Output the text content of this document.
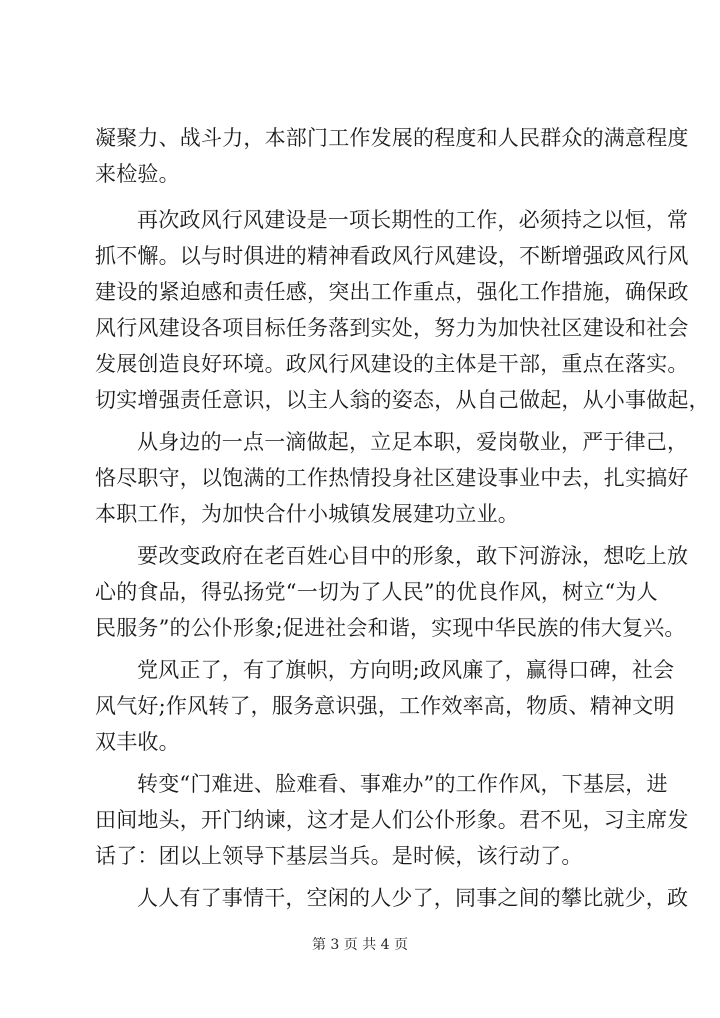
凝聚力、战斗力，本部门工作发展的程度和人民群众的满意程度
来检验。
再次政风行风建设是一项长期性的工作，必须持之以恒，常
抓不懈。以与时俱进的精神看政风行风建设，不断增强政风行风
建设的紧迫感和责任感，突出工作重点，强化工作措施，确保政
风行风建设各项目标任务落到实处，努力为加快社区建设和社会
发展创造良好环境。政风行风建设的主体是干部，重点在落实。
切实增强责任意识，以主人翁的姿态，从自己做起，从小事做起，
从身边的一点一滴做起，立足本职，爱岗敬业，严于律己，
恪尽职守，以饱满的工作热情投身社区建设事业中去，扎实搞好
本职工作，为加快合什小城镇发展建功立业。
要改变政府在老百姓心目中的形象，敢下河游泳，想吃上放
心的食品，得弘扬党“一切为了人民”的优良作风，树立“为人
民服务”的公仆形象;促进社会和谐，实现中华民族的伟大复兴。
党风正了，有了旗帜，方向明;政风廉了，赢得口碑，社会
风气好;作风转了，服务意识强，工作效率高，物质、精神文明
双丰收。
转变“门难进、脸难看、事难办”的工作作风，下基层，进
田间地头，开门纳谏，这才是人们公仆形象。君不见，习主席发
话了：团以上领导下基层当兵。是时候，该行动了。
人人有了事情干，空闲的人少了，同事之间的攀比就少，政
第 3 页 共 4 页
